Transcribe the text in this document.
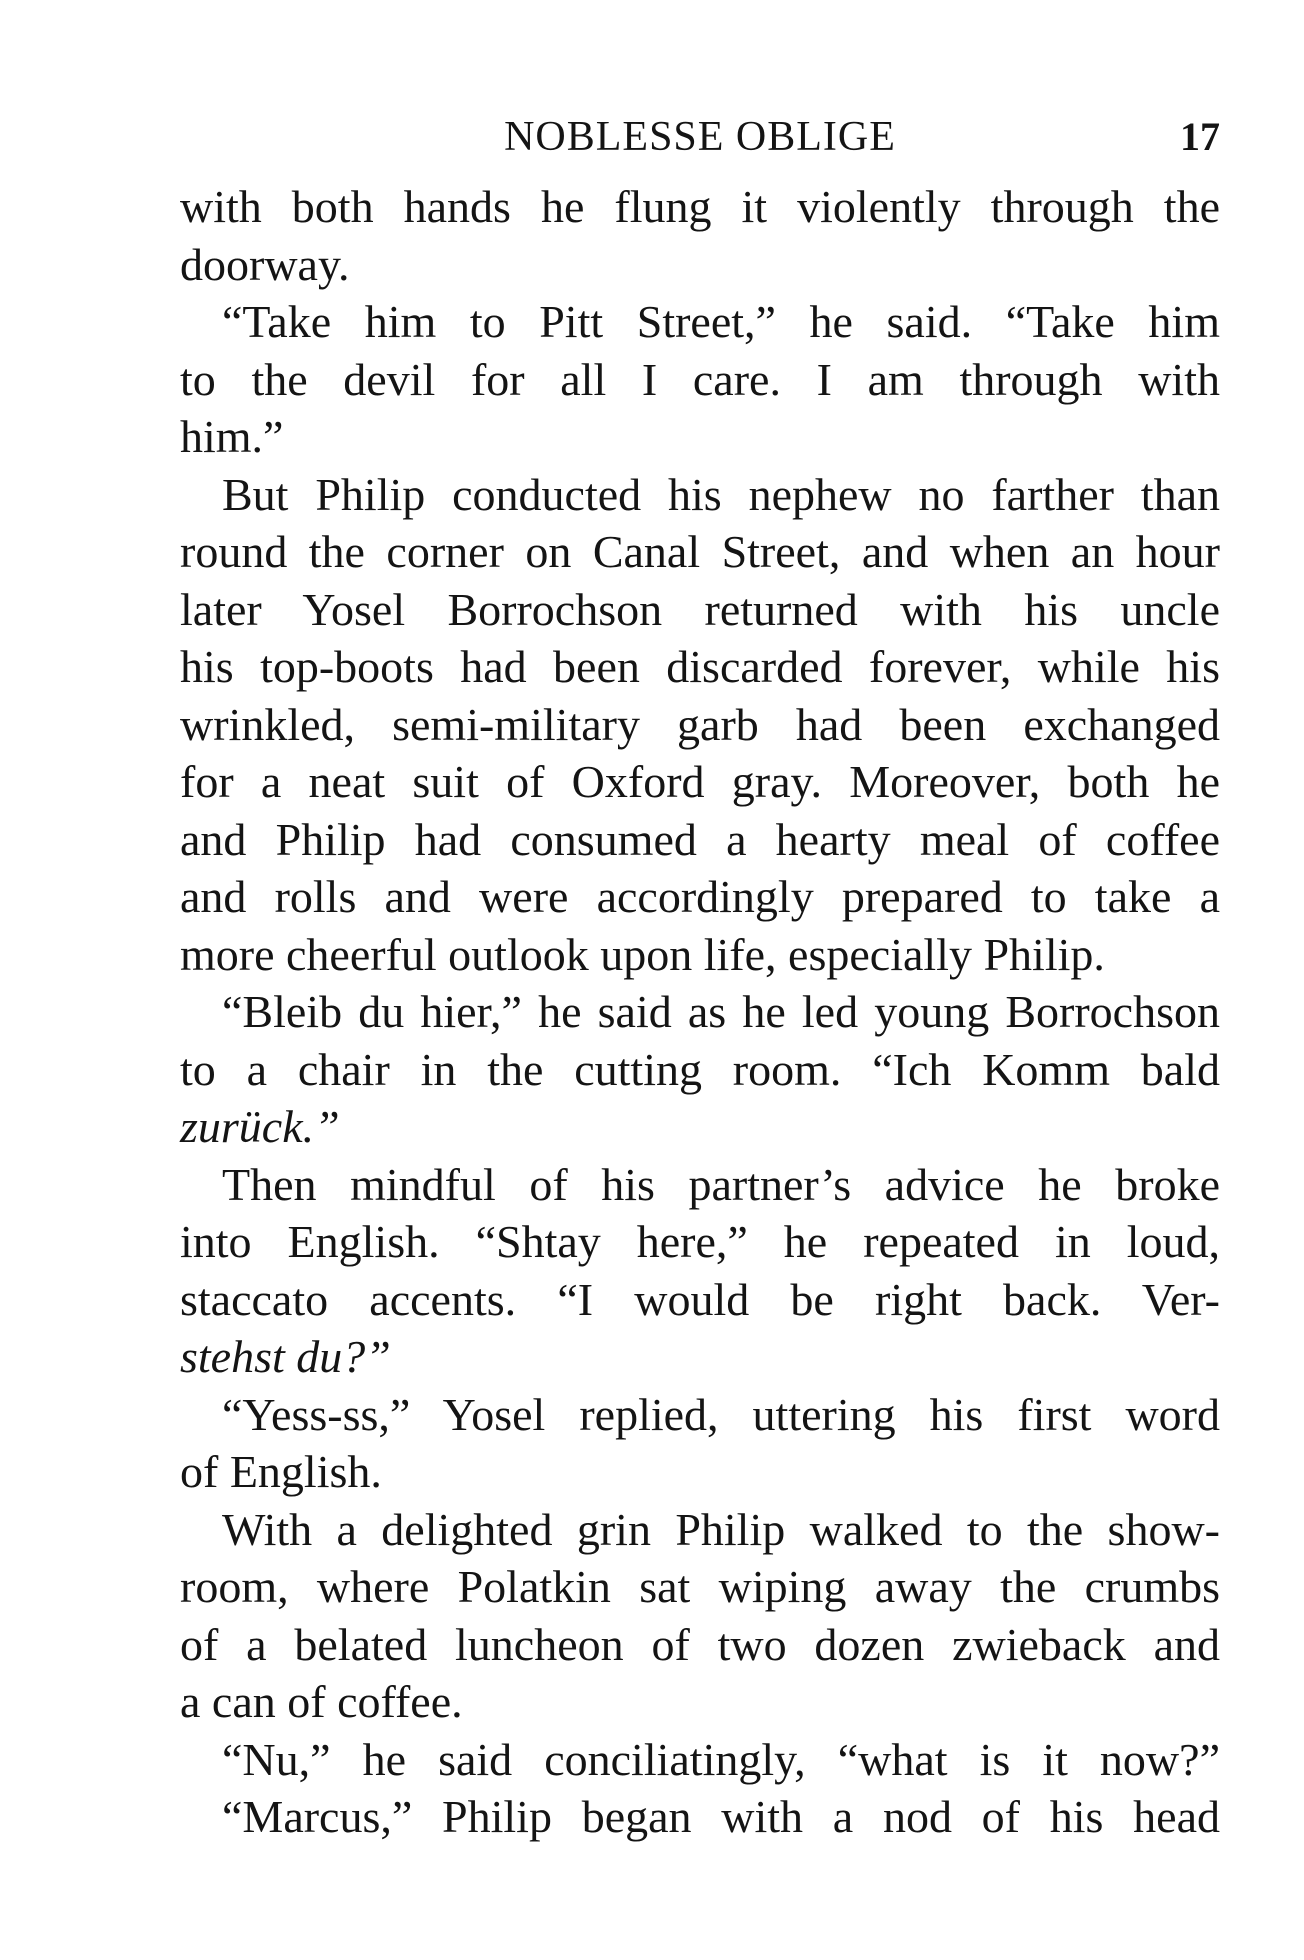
NOBLESSE OBLIGE	17
with both hands he flung it violently through the
doorway.
“Take him to Pitt Street,” he said. “Take him
to the devil for all I care. I am through with
him.”
But Philip conducted his nephew no farther than
round the corner on Canal Street, and when an hour
later Yosel Borrochson returned with his uncle
his top-boots had been discarded forever, while his
wrinkled, semi-military garb had been exchanged
for a neat suit of Oxford gray. Moreover, both he
and Philip had consumed a hearty meal of coffee
and rolls and were accordingly prepared to take a
more cheerful outlook upon life, especially Philip.
“Bleib du hier,” he said as he led young Borrochson
to a chair in the cutting room. “Ich Komm bald
zurück.”
Then mindful of his partner’s advice he broke
into English. “Shtay here,” he repeated in loud,
staccato accents. “I would be right back. Ver-
stehst du?”
“Yess-ss,” Yosel replied, uttering his first word
of English.
With a delighted grin Philip walked to the show-
room, where Polatkin sat wiping away the crumbs
of a belated luncheon of two dozen zwieback and
a can of coffee.
“Nu,” he said conciliatingly, “what is it now?”
“Marcus,” Philip began with a nod of his head
